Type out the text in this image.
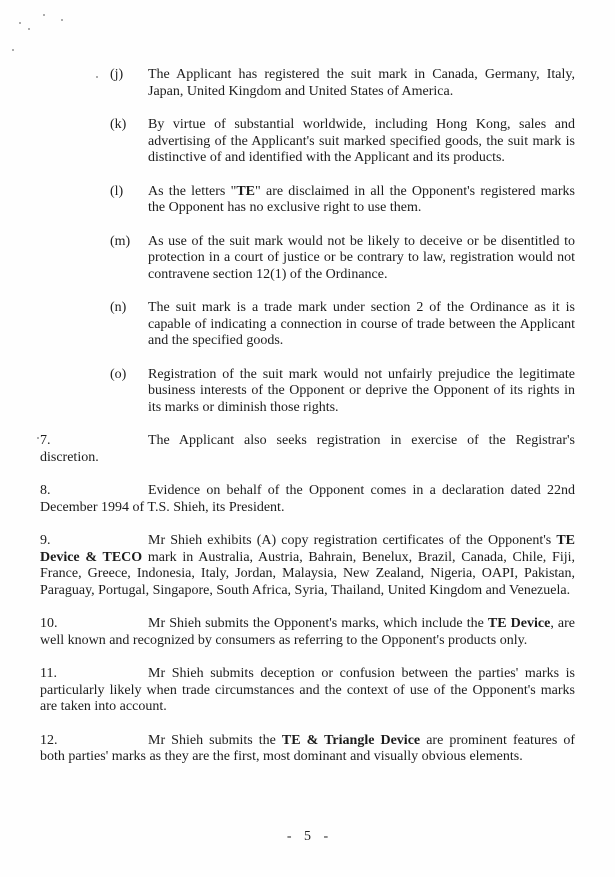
(j)	The Applicant has registered the suit mark in Canada, Germany, Italy, Japan, United Kingdom and United States of America.
(k)	By virtue of substantial worldwide, including Hong Kong, sales and advertising of the Applicant's suit marked specified goods, the suit mark is distinctive of and identified with the Applicant and its products.
(l)	As the letters "TE" are disclaimed in all the Opponent's registered marks the Opponent has no exclusive right to use them.
(m)	As use of the suit mark would not be likely to deceive or be disentitled to protection in a court of justice or be contrary to law, registration would not contravene section 12(1) of the Ordinance.
(n)	The suit mark is a trade mark under section 2 of the Ordinance as it is capable of indicating a connection in course of trade between the Applicant and the specified goods.
(o)	Registration of the suit mark would not unfairly prejudice the legitimate business interests of the Opponent or deprive the Opponent of its rights in its marks or diminish those rights.

7.	The Applicant also seeks registration in exercise of the Registrar's discretion.

8.	Evidence on behalf of the Opponent comes in a declaration dated 22nd December 1994 of T.S. Shieh, its President.

9.	Mr Shieh exhibits (A) copy registration certificates of the Opponent's TE Device & TECO mark in Australia, Austria, Bahrain, Benelux, Brazil, Canada, Chile, Fiji, France, Greece, Indonesia, Italy, Jordan, Malaysia, New Zealand, Nigeria, OAPI, Pakistan, Paraguay, Portugal, Singapore, South Africa, Syria, Thailand, United Kingdom and Venezuela.

10.	Mr Shieh submits the Opponent's marks, which include the TE Device, are well known and recognized by consumers as referring to the Opponent's products only.

11.	Mr Shieh submits deception or confusion between the parties' marks is particularly likely when trade circumstances and the context of use of the Opponent's marks are taken into account.

12.	Mr Shieh submits the TE & Triangle Device are prominent features of both parties' marks as they are the first, most dominant and visually obvious elements.

- 5 -
